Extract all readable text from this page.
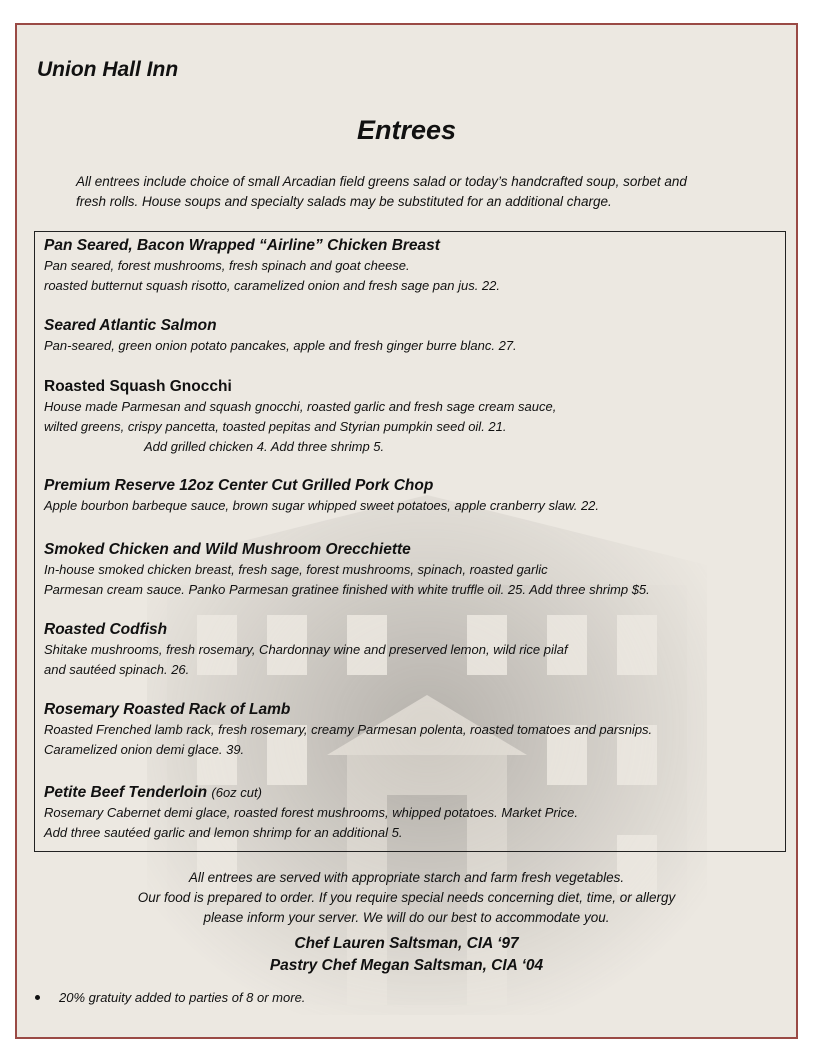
Union Hall Inn
Entrees
All entrees include choice of small Arcadian field greens salad or today’s handcrafted soup, sorbet and
fresh rolls. House soups and specialty salads may be substituted for an additional charge.
Pan Seared, Bacon Wrapped “Airline” Chicken Breast
Pan seared, forest mushrooms, fresh spinach and goat cheese.
roasted butternut squash risotto, caramelized onion and fresh sage pan jus. 22.
Seared Atlantic Salmon
Pan-seared, green onion potato pancakes, apple and fresh ginger burre blanc. 27.
Roasted Squash Gnocchi
House made Parmesan and squash gnocchi, roasted garlic and fresh sage cream sauce,
wilted greens, crispy pancetta, toasted pepitas and Styrian pumpkin seed oil. 21.
Add grilled chicken 4. Add three shrimp 5.
Premium Reserve 12oz Center Cut Grilled Pork Chop
Apple bourbon barbeque sauce, brown sugar whipped sweet potatoes, apple cranberry slaw. 22.
Smoked Chicken and Wild Mushroom Orecchiette
In-house smoked chicken breast, fresh sage, forest mushrooms, spinach, roasted garlic
Parmesan cream sauce. Panko Parmesan gratinee finished with white truffle oil. 25. Add three shrimp $5.
Roasted Codfish
Shitake mushrooms, fresh rosemary, Chardonnay wine and preserved lemon, wild rice pilaf
and sautéed spinach. 26.
Rosemary Roasted Rack of Lamb
Roasted Frenched lamb rack, fresh rosemary, creamy Parmesan polenta, roasted tomatoes and parsnips.
Caramelized onion demi glace. 39.
Petite Beef Tenderloin (6oz cut)
Rosemary Cabernet demi glace, roasted forest mushrooms, whipped potatoes. Market Price.
Add three sautéed garlic and lemon shrimp for an additional 5.
All entrees are served with appropriate starch and farm fresh vegetables.
Our food is prepared to order. If you require special needs concerning diet, time, or allergy
please inform your server. We will do our best to accommodate you.
Chef Lauren Saltsman, CIA ‘97
Pastry Chef Megan Saltsman, CIA ‘04
20% gratuity added to parties of 8 or more.
